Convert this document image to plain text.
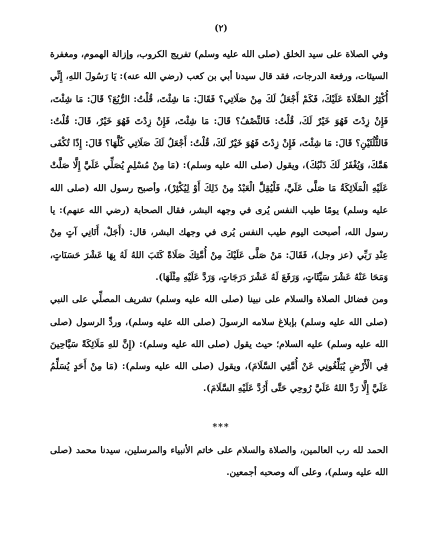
(٢)

وفي الصلاة على سيد الخلق (صلى الله عليه وسلم) تفريج الكروب، وإزالة الهموم، ومغفرة السيئات، ورفعة الدرجات، فقد قال سيدنا أبي بن كعب (رضي الله عنه): يَا رَسُولَ اللهِ، إِنِّي أُكْثِرُ الصَّلَاةَ عَلَيْكَ، فَكَمْ أَجْعَلُ لَكَ مِنْ صَلَاتِي؟ فَقَالَ: مَا شِئْتَ، قُلْتُ: الرُّبُعَ؟ قَالَ: مَا شِئْتَ، فَإِنْ زِدْتَ فَهُوَ خَيْرٌ لَكَ، قُلْتُ: فَالنِّصْفُ؟ قَالَ: مَا شِئْتَ، فَإِنْ زِدْتَ فَهُوَ خَيْرٌ، قَالَ: قُلْتُ: فَالثُّلُثَيْنِ؟ قَالَ: مَا شِئْتَ، فَإِنْ زِدْتَ فَهُوَ خَيْرٌ لَكَ، قُلْتُ: أَجْعَلُ لَكَ صَلَاتِي كُلَّهَا؟ قَالَ: إِذًا تُكْفَى هَمَّكَ، وَيُغْفَرُ لَكَ ذَنْبُكَ)، ويقول (صلى الله عليه وسلم): (مَا مِنْ مُسْلِمٍ يُصَلِّي عَلَيَّ إِلَّا صَلَّتْ عَلَيْهِ الْمَلَائِكَةُ مَا صَلَّى عَلَيَّ، فَلْيُقِلَّ الْعَبْدُ مِنْ ذَلِكَ أَوْ لِيُكْثِرْ)، وأصبح رسول الله (صلى الله عليه وسلم) يومًا طيب النفس يُرى في وجهه البشر، فقال الصحابة (رضي الله عنهم): يا رسول الله، أصبحت اليوم طيب النفس يُرى في وجهك البشر، قال: (أَجَلْ، أَتَانِي آتٍ مِنْ عِنْدِ رَبِّي (عز وجل)، فَقَالَ: مَنْ صَلَّى عَلَيْكَ مِنْ أُمَّتِكَ صَلَاةً كَتَبَ اللهُ لَهُ بِهَا عَشْرَ حَسَنَاتٍ، وَمَحَا عَنْهُ عَشْرَ سَيِّئَاتٍ، وَرَفَعَ لَهُ عَشْرَ دَرَجَاتٍ، وَرَدَّ عَلَيْهِ مِثْلَهَا).

ومن فضائل الصلاة والسلام على نبينا (صلى الله عليه وسلم) تشريف المصلِّي على النبي (صلى الله عليه وسلم) بإبلاغ سلامه الرسولَ (صلى الله عليه وسلم)، وردِّ الرسول (صلى الله عليه وسلم) عليه السلام؛ حيث يقول (صلى الله عليه وسلم): (إِنَّ للهِ مَلَائِكَةً سَيَّاحِينَ فِي الْأَرْضِ يُبَلِّغُونِي عَنْ أُمَّتِي السَّلَامَ)، ويقول (صلى الله عليه وسلم): (مَا مِنْ أَحَدٍ يُسَلِّمُ عَلَيَّ إِلَّا رَدَّ اللهُ عَلَيَّ رُوحِي حَتَّى أَرُدَّ عَلَيْهِ السَّلَامَ).

***
الحمد لله رب العالمين، والصلاة والسلام على خاتم الأنبياء والمرسلين، سيدنا محمد (صلى الله عليه وسلم)، وعلى آله وصحبه أجمعين.
